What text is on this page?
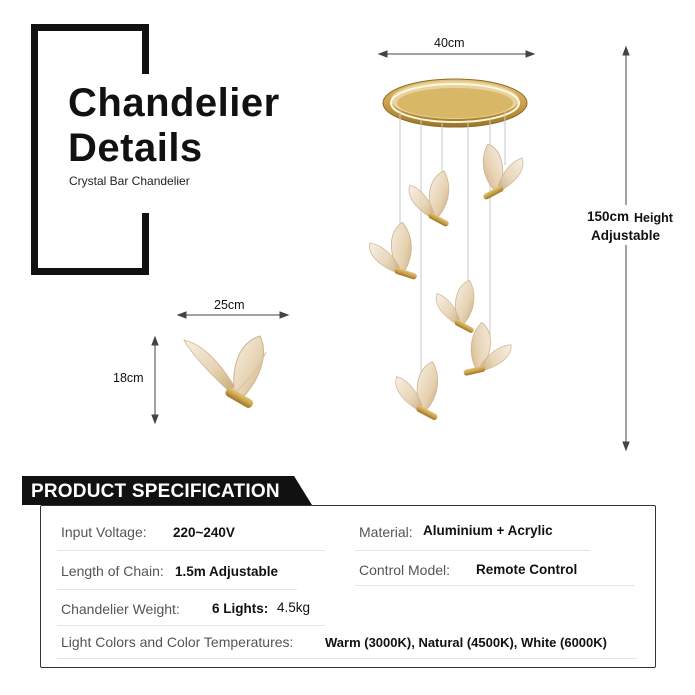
Chandelier
Details
Crystal Bar Chandelier
40cm
150cm Height
Adjustable
25cm
18cm
PRODUCT SPECIFICATION
Input Voltage: 220~240V	Material: Aluminium + Acrylic
Length of Chain: 1.5m Adjustable	Control Model: Remote Control
Chandelier Weight: 6 Lights: 4.5kg
Light Colors and Color Temperatures: Warm (3000K), Natural (4500K), White (6000K)
